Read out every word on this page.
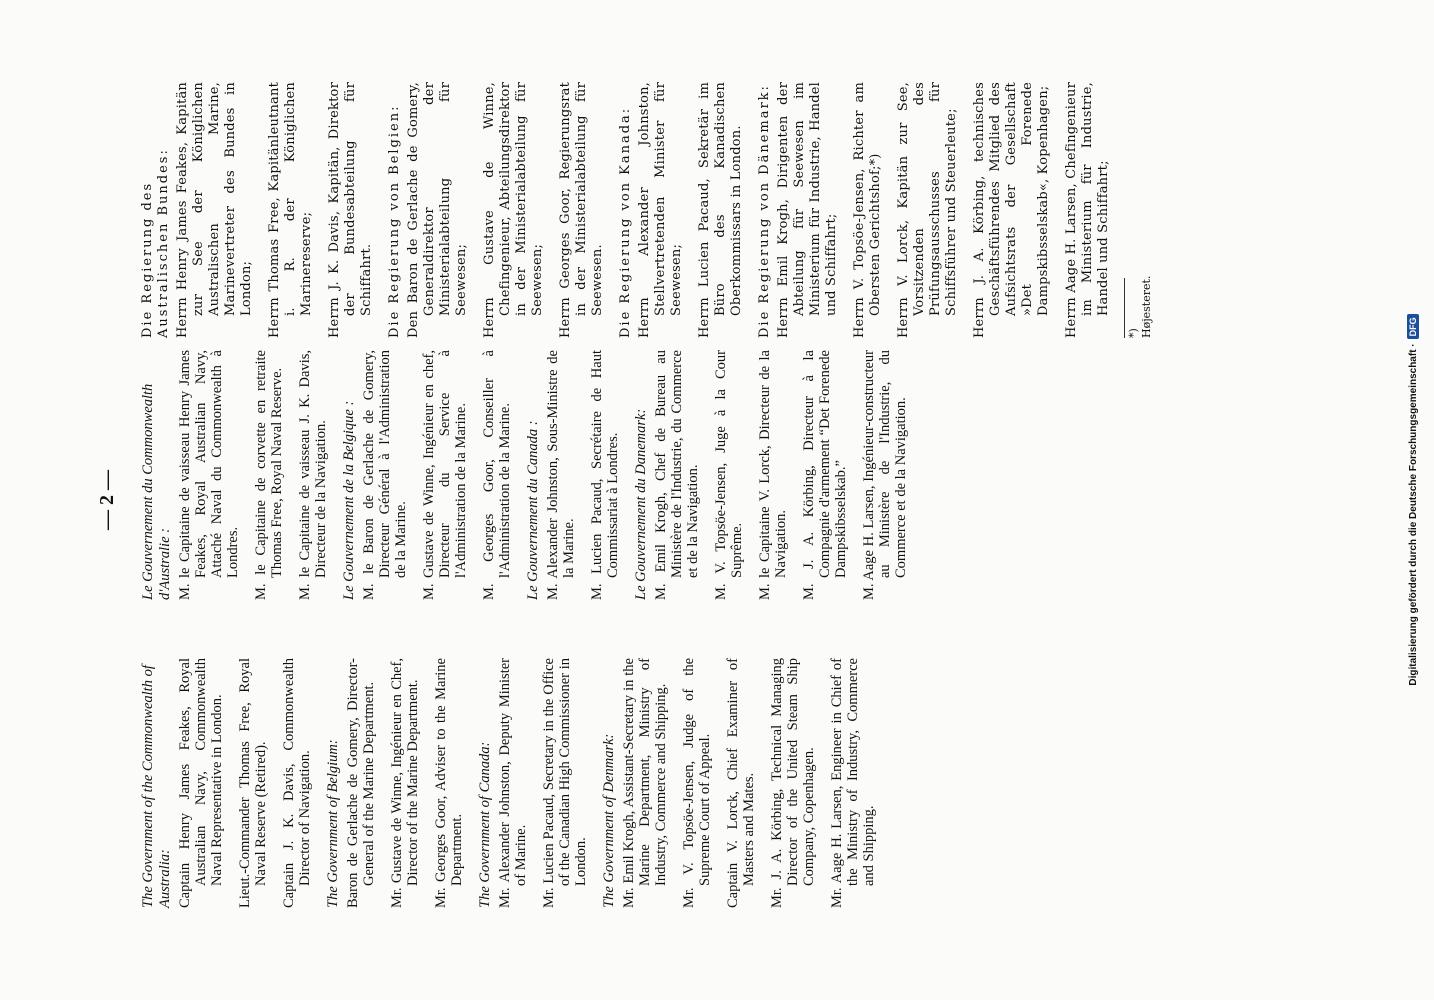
— 2 —
The Government of the Commonwealth of Australia: Captain Henry James Feakes, Royal Australian Navy, Commonwealth Naval Representative in London. Lieut.-Commander Thomas Free, Royal Naval Reserve (Retired). Captain J. K. Davis, Commonwealth Director of Navigation. The Government of Belgium: Baron de Gerlache de Gomery, Director-General of the Marine Department. Mr. Gustave de Winne, Ingénieur en Chef, Director of the Marine Department. Mr. Georges Goor, Adviser to the Marine Department. The Government of Canada: Mr. Alexander Johnston, Deputy Minister of Marine. Mr. Lucien Pacaud, Secretary in the Office of the Canadian High Commissioner in London. The Government of Denmark: Mr. Emil Krogh, Assistant-Secretary in the Marine Department, Ministry of Industry, Commerce and Shipping. Mr. V. Topsöe-Jensen, Judge of the Supreme Court of Appeal. Captain V. Lorck, Chief Examiner of Masters and Mates. Mr. J. A. Körbing, Technical Managing Director of the United Steam Ship Company, Copenhagen. Mr. Aage H. Larsen, Engineer in Chief of the Ministry of Industry, Commerce and Shipping.
Le Gouvernement du Commonwealth d'Australie : M. le Capitaine de vaisseau Henry James Feakes, Royal Australian Navy, Attaché Naval du Commonwealth à Londres. M. le Capitaine de corvette en retraite Thomas Free, Royal Naval Reserve. M. le Capitaine de vaisseau J. K. Davis, Directeur de la Navigation. Le Gouvernement de la Belgique : M. le Baron de Gerlache de Gomery, Directeur Général à l'Administration de la Marine. M. Gustave de Winne, Ingénieur en chef, Directeur du Service à l'Administration de la Marine. M. Georges Goor, Conseiller à l'Administration de la Marine. Le Gouvernement du Canada : M. Alexander Johnston, Sous-Ministre de la Marine. M. Lucien Pacaud, Secrétaire de Haut Commissariat à Londres. Le Gouvernement du Danemark: M. Emil Krogh, Chef de Bureau au Ministère de l'Industrie, du Commerce et de la Navigation. M. V. Topsöe-Jensen, Juge à la Cour Suprême. M. le Capitaine V. Lorck, Directeur de la Navigation. M. J. A. Körbing, Directeur à la Compagnie d'armement “Det Forenede Dampskibsselskab.” M. Aage H. Larsen, Ingénieur-constructeur au Ministère de l'Industrie, du Commerce et de la Navigation.
Die Regierung des Australischen Bundes: Herrn Henry James Feakes, Kapitän zur See der Königlichen Australischen Marine, Marinevertreter des Bundes in London; Herrn Thomas Free, Kapitänleutnant i. R. der Königlichen Marinereserve; Herrn J. K. Davis, Kapitän, Direktor der Bundesabteilung für Schiffahrt. Die Regierung von Belgien: Den Baron de Gerlache de Gomery, Generaldirektor der Ministerialabteilung für Seewesen; Herrn Gustave de Winne, Chefingenieur, Abteilungsdirektor in der Ministerialabteilung für Seewesen; Herrn Georges Goor, Regierungsrat in der Ministerialabteilung für Seewesen. Die Regierung von Kanada: Herrn Alexander Johnston, Stellvertretenden Minister für Seewesen; Herrn Lucien Pacaud, Sekretär im Büro des Kanadischen Oberkommissars in London. Die Regierung von Dänemark: Herrn Emil Krogh, Dirigenten der Abteilung für Seewesen im Ministerium für Industrie, Handel und Schiffahrt; Herrn V. Topsöe-Jensen, Richter am Obersten Gerichtshof;*) Herrn V. Lorck, Kapitän zur See, Vorsitzenden des Prüfungsausschusses für Schiffsführer und Steuerleute; Herrn J. A. Körbing, technisches Geschäftsführendes Mitglied des Aufsichtsrats der Gesellschaft »Det Forenede Dampskibsselskab«, Kopenhagen; Herrn Aage H. Larsen, Chefingenieur im Ministerium für Industrie, Handel und Schiffahrt;
*) Højesteret.
Digitalisierung gefördert durch die Deutsche Forschungsgemeinschaft ·
DFG
